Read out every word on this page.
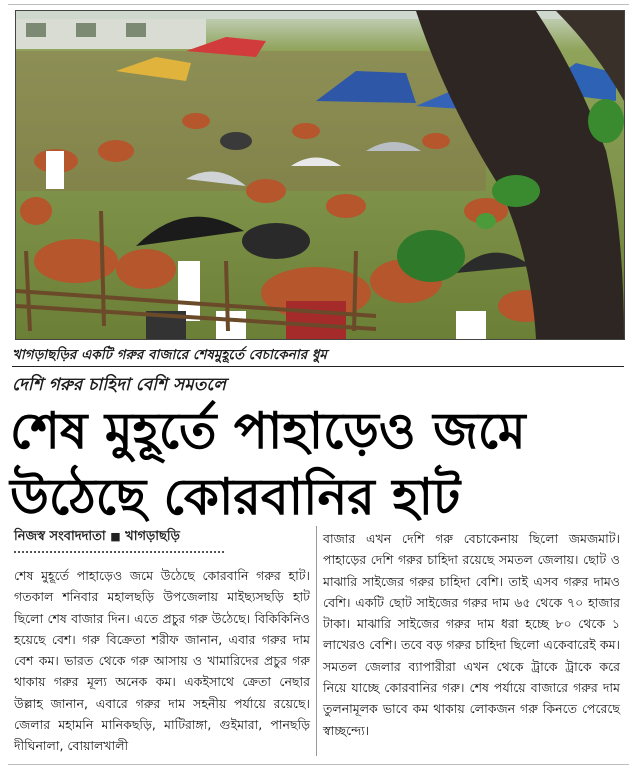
খাগড়াছড়ির একটি গরুর বাজারে শেষমুহূর্তে বেচাকেনার ধুম
দেশি গরুর চাহিদা বেশি সমতলে
শেষ মুহূর্তে পাহাড়েও জমে
উঠেছে কোরবানির হাট
নিজস্ব সংবাদদাতা ■ খাগড়াছড়ি
শেষ মুহূর্তে পাহাড়েও জমে উঠেছে কোরবানি গরুর হাট। গতকাল শনিবার মহালছড়ি উপজেলায় মাইছ্যসছড়ি হাট ছিলো শেষ বাজার দিন। এতে প্রচুর গরু উঠেছে। বিকিকিনিও হয়েছে বেশ। গরু বিক্রেতা শরীফ জানান, এবার গরুর দাম বেশ কম। ভারত থেকে গরু আসায় ও খামারিদের প্রচুর গরু থাকায় গরুর মূল্য অনেক কম। একইসাথে ক্রেতা নেছার উল্লাহ জানান, এবারে গরুর দাম সহনীয় পর্যায়ে রয়েছে। জেলার মহামনি মানিকছড়ি, মাটিরাঙ্গা, গুইমারা, পানছড়ি দীঘিনালা, বোয়ালখালী
বাজার এখন দেশি গরু বেচাকেনায় ছিলো জমজমাট। পাহাড়ের দেশি গরুর চাহিদা রয়েছে সমতল জেলায়। ছোট ও মাঝারি সাইজের গরুর চাহিদা বেশি। তাই এসব গরুর দামও বেশি। একটি ছোট সাইজের গরুর দাম ৬৫ থেকে ৭০ হাজার টাকা। মাঝারি সাইজের গরুর দাম ধরা হচ্ছে ৮০ থেকে ১ লাখেরও বেশি। তবে বড় গরুর চাহিদা ছিলো একেবারেই কম। সমতল জেলার ব্যাপারীরা এখন থেকে ট্রাকে ট্রাকে করে নিয়ে যাচ্ছে কোরবানির গরু। শেষ পর্যায়ে বাজারে গরুর দাম তুলনামূলক ভাবে কম থাকায় লোকজন গরু কিনতে পেরেছে স্বাচ্ছন্দ্যে।
